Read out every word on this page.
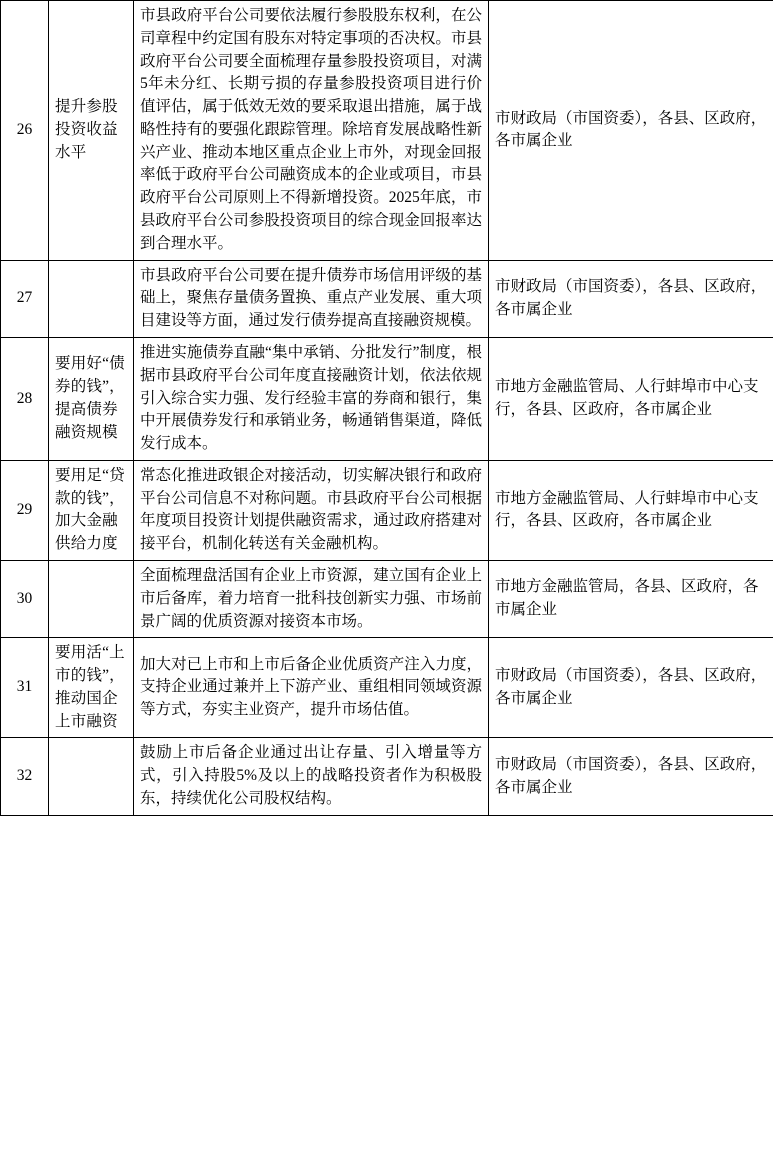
26	提升参股投资收益水平	市县政府平台公司要依法履行参股股东权利，在公司章程中约定国有股东对特定事项的否决权。市县政府平台公司要全面梳理存量参股投资项目，对满5年未分红、长期亏损的存量参股投资项目进行价值评估，属于低效无效的要采取退出措施，属于战略性持有的要强化跟踪管理。除培育发展战略性新兴产业、推动本地区重点企业上市外，对现金回报率低于政府平台公司融资成本的企业或项目，市县政府平台公司原则上不得新增投资。2025年底，市县政府平台公司参股投资项目的综合现金回报率达到合理水平。	市财政局（市国资委），各县、区政府，各市属企业
27		市县政府平台公司要在提升债券市场信用评级的基础上，聚焦存量债务置换、重点产业发展、重大项目建设等方面，通过发行债券提高直接融资规模。	市财政局（市国资委），各县、区政府，各市属企业
28	要用好“债券的钱”，提高债券融资规模	推进实施债券直融“集中承销、分批发行”制度，根据市县政府平台公司年度直接融资计划，依法依规引入综合实力强、发行经验丰富的券商和银行，集中开展债券发行和承销业务，畅通销售渠道，降低发行成本。	市地方金融监管局、人行蚌埠市中心支行，各县、区政府，各市属企业
29	要用足“贷款的钱”，加大金融供给力度	常态化推进政银企对接活动，切实解决银行和政府平台公司信息不对称问题。市县政府平台公司根据年度项目投资计划提供融资需求，通过政府搭建对接平台，机制化转送有关金融机构。	市地方金融监管局、人行蚌埠市中心支行，各县、区政府，各市属企业
30		全面梳理盘活国有企业上市资源，建立国有企业上市后备库，着力培育一批科技创新实力强、市场前景广阔的优质资源对接资本市场。	市地方金融监管局，各县、区政府，各市属企业
31	要用活“上市的钱”，推动国企上市融资	加大对已上市和上市后备企业优质资产注入力度，支持企业通过兼并上下游产业、重组相同领域资源等方式，夯实主业资产，提升市场估值。	市财政局（市国资委），各县、区政府，各市属企业
32		鼓励上市后备企业通过出让存量、引入增量等方式，引入持股5%及以上的战略投资者作为积极股东，持续优化公司股权结构。	市财政局（市国资委），各县、区政府，各市属企业
